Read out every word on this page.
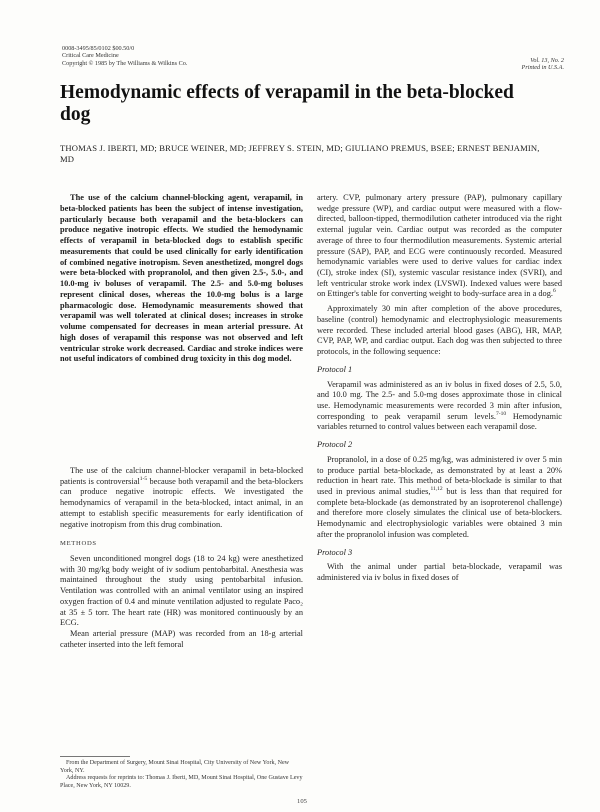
0008-3495/85/0102 $00.50/0
Critical Care Medicine
Copyright © 1985 by The Williams & Wilkins Co.	Vol. 13, No. 2
Printed in U.S.A.
Hemodynamic effects of verapamil in the beta-blocked dog
THOMAS J. IBERTI, MD; BRUCE WEINER, MD; JEFFREY S. STEIN, MD; GIULIANO PREMUS, BSEE; ERNEST BENJAMIN, MD

The use of the calcium channel-blocking agent, verapamil, in beta-blocked patients has been the subject of intense investigation, particularly because both verapamil and the beta-blockers can produce negative inotropic effects. We studied the hemodynamic effects of verapamil in beta-blocked dogs to establish specific measurements that could be used clinically for early identification of combined negative inotropism. Seven anesthetized, mongrel dogs were beta-blocked with propranolol, and then given 2.5-, 5.0-, and 10.0-mg iv boluses of verapamil. The 2.5- and 5.0-mg boluses represent clinical doses, whereas the 10.0-mg bolus is a large pharmacologic dose. Hemodynamic measurements showed that verapamil was well tolerated at clinical doses; increases in stroke volume compensated for decreases in mean arterial pressure. At high doses of verapamil this response was not observed and left ventricular stroke work decreased. Cardiac and stroke indices were not useful indicators of combined drug toxicity in this dog model.

The use of the calcium channel-blocker verapamil in beta-blocked patients is controversial$^{1-5}$ because both verapamil and the beta-blockers can produce negative inotropic effects. We investigated the hemodynamics of verapamil in the beta-blocked, intact animal, in an attempt to establish specific measurements for early identification of negative inotropism from this drug combination.

METHODS

Seven unconditioned mongrel dogs (18 to 24 kg) were anesthetized with 30 mg/kg body weight of iv sodium pentobarbital. Anesthesia was maintained throughout the study using pentobarbital infusion. Ventilation was controlled with an animal ventilator using an inspired oxygen fraction of 0.4 and minute ventilation adjusted to regulate Paco₂ at 35 ± 5 torr. The heart rate (HR) was monitored continuously by an ECG.

Mean arterial pressure (MAP) was recorded from an 18-g arterial catheter inserted into the left femoral

From the Department of Surgery, Mount Sinai Hospital, City University of New York, New York, NY.

Address requests for reprints to: Thomas J. Iberti, MD, Mount Sinai Hospital, One Gustave Levy Place, New York, NY 10029.

artery. CVP, pulmonary artery pressure (PAP), pulmonary capillary wedge pressure (WP), and cardiac output were measured with a flow-directed, balloon-tipped, thermodilution catheter introduced via the right external jugular vein. Cardiac output was recorded as the computer average of three to four thermodilution measurements. Systemic arterial pressure (SAP), PAP, and ECG were continuously recorded. Measured hemodynamic variables were used to derive values for cardiac index (CI), stroke index (SI), systemic vascular resistance index (SVRI), and left ventricular stroke work index (LVSWI). Indexed values were based on Ettinger's table for converting weight to body-surface area in a dog.$^6$

Approximately 30 min after completion of the above procedures, baseline (control) hemodynamic and electrophysiologic measurements were recorded. These included arterial blood gases (ABG), HR, MAP, CVP, PAP, WP, and cardiac output. Each dog was then subjected to three protocols, in the following sequence:

Protocol 1

Verapamil was administered as an iv bolus in fixed doses of 2.5, 5.0, and 10.0 mg. The 2.5- and 5.0-mg doses approximate those in clinical use. Hemodynamic measurements were recorded 3 min after infusion, corresponding to peak verapamil serum levels.$^{7-10}$ Hemodynamic variables returned to control values between each verapamil dose.

Protocol 2

Propranolol, in a dose of 0.25 mg/kg, was administered iv over 5 min to produce partial beta-blockade, as demonstrated by at least a 20% reduction in heart rate. This method of beta-blockade is similar to that used in previous animal studies,$^{11,12}$ but is less than that required for complete beta-blockade (as demonstrated by an isoproterenol challenge) and therefore more closely simulates the clinical use of beta-blockers. Hemodynamic and electrophysiologic variables were obtained 3 min after the propranolol infusion was completed.

Protocol 3

With the animal under partial beta-blockade, verapamil was administered via iv bolus in fixed doses of

105
